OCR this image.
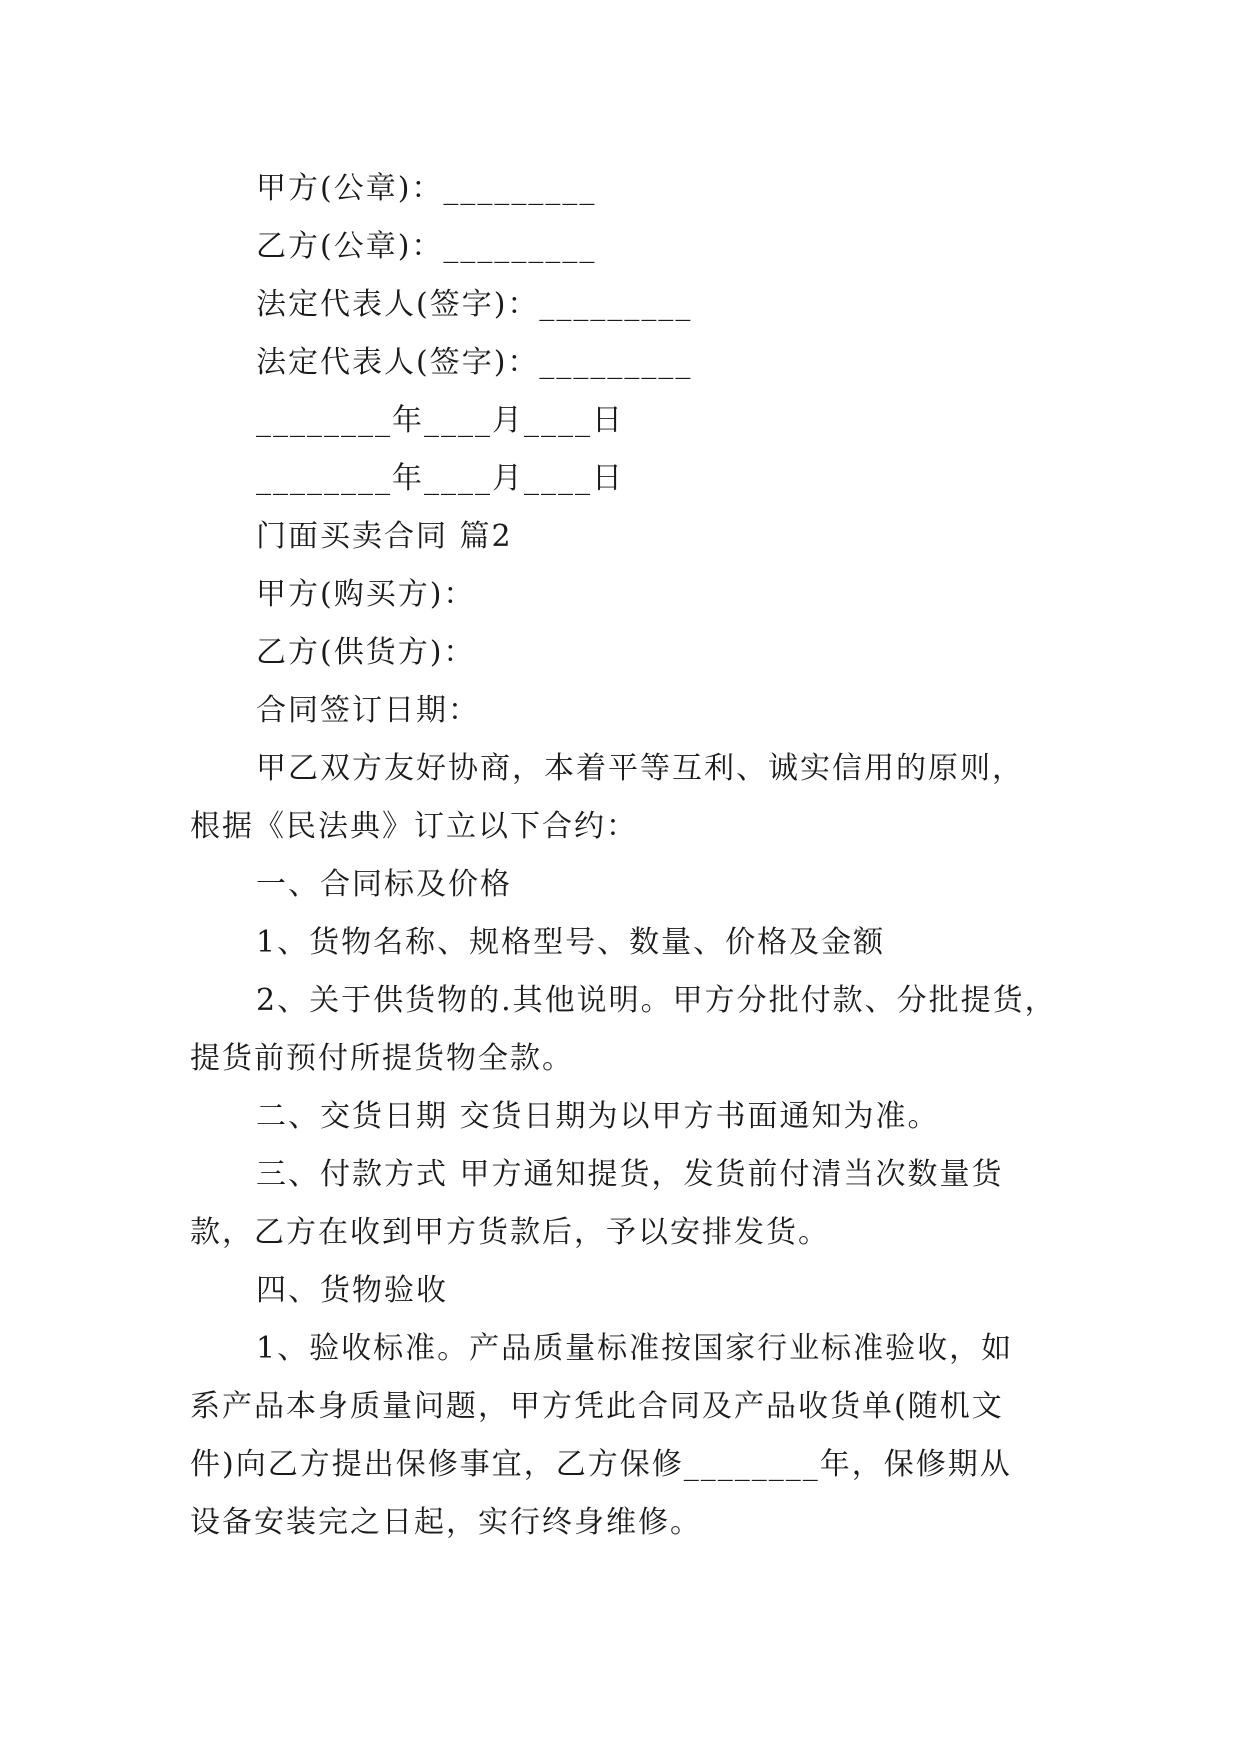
甲方(公章)：_________
乙方(公章)：_________
法定代表人(签字)：_________
法定代表人(签字)：_________
________年____月____日
________年____月____日
门面买卖合同 篇2
甲方(购买方)：
乙方(供货方)：
合同签订日期：
甲乙双方友好协商，本着平等互利、诚实信用的原则，
根据《民法典》订立以下合约：
一、合同标及价格
1、货物名称、规格型号、数量、价格及金额
2、关于供货物的.其他说明。甲方分批付款、分批提货，
提货前预付所提货物全款。
二、交货日期 交货日期为以甲方书面通知为准。
三、付款方式 甲方通知提货，发货前付清当次数量货
款，乙方在收到甲方货款后，予以安排发货。
四、货物验收
1、验收标准。产品质量标准按国家行业标准验收，如
系产品本身质量问题，甲方凭此合同及产品收货单(随机文
件)向乙方提出保修事宜，乙方保修________年，保修期从
设备安装完之日起，实行终身维修。
